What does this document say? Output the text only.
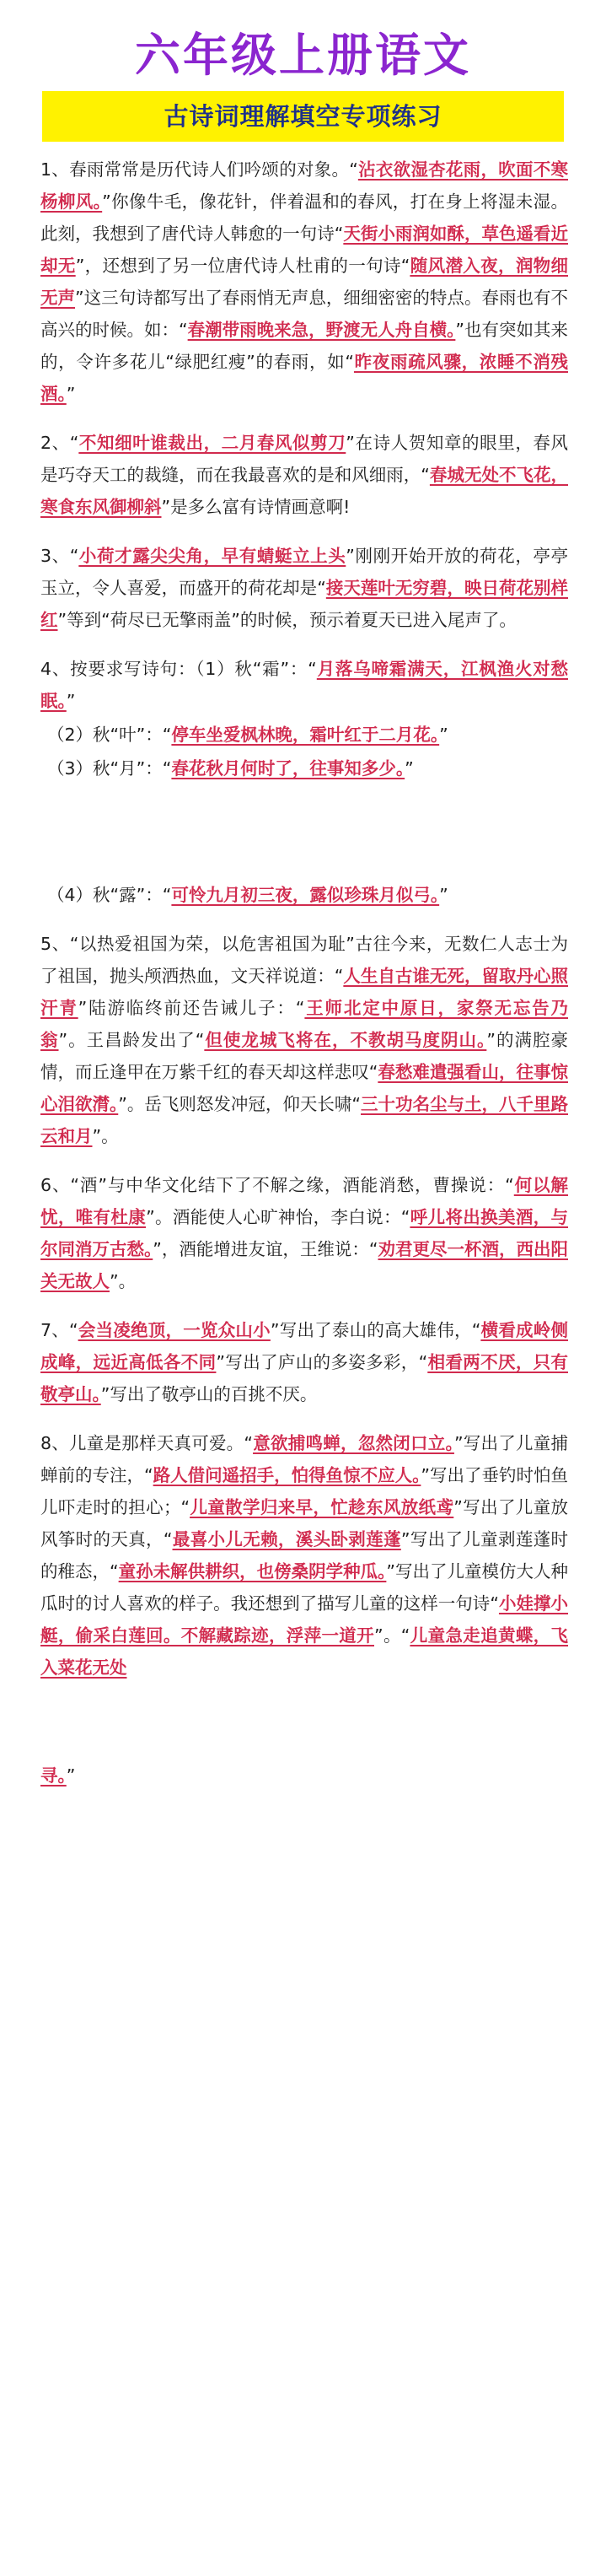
六年级上册语文
古诗词理解填空专项练习

1、春雨常常是历代诗人们吟颂的对象。“沾衣欲湿杏花雨，吹面不寒杨柳风。”你像牛毛，像花针，伴着温和的春风，打在身上将湿未湿。此刻，我想到了唐代诗人韩愈的一句诗“天街小雨润如酥，草色遥看近却无”，还想到了另一位唐代诗人杜甫的一句诗“随风潜入夜，润物细无声”这三句诗都写出了春雨悄无声息，细细密密的特点。春雨也有不高兴的时候。如：“春潮带雨晚来急，野渡无人舟自横。”也有突如其来的，令许多花儿“绿肥红瘦”的春雨，如“昨夜雨疏风骤，浓睡不消残酒。”

2、“不知细叶谁裁出，二月春风似剪刀”在诗人贺知章的眼里，春风是巧夺天工的裁缝，而在我最喜欢的是和风细雨，“春城无处不飞花，寒食东风御柳斜”是多么富有诗情画意啊!

3、“小荷才露尖尖角，早有蜻蜓立上头”刚刚开始开放的荷花，亭亭玉立，令人喜爱，而盛开的荷花却是“接天莲叶无穷碧，映日荷花别样红”等到“荷尽已无擎雨盖”的时候，预示着夏天已进入尾声了。

4、按要求写诗句：（1）秋“霜”：“月落乌啼霜满天，江枫渔火对愁眠。”

（2）秋“叶”：“停车坐爱枫林晚，霜叶红于二月花。”

（3）秋“月”：“春花秋月何时了，往事知多少。”

（4）秋“露”：“可怜九月初三夜，露似珍珠月似弓。”

5、“以热爱祖国为荣，以危害祖国为耻”古往今来，无数仁人志士为了祖国，抛头颅洒热血，文天祥说道：“人生自古谁无死，留取丹心照汗青”陆游临终前还告诫儿子：“王师北定中原日，家祭无忘告乃翁”。王昌龄发出了“但使龙城飞将在，不教胡马度阴山。”的满腔豪情，而丘逢甲在万紫千红的春天却这样悲叹“春愁难遣强看山，往事惊心泪欲潸。”。岳飞则怒发冲冠，仰天长啸“三十功名尘与土，八千里路云和月”。

6、“酒”与中华文化结下了不解之缘，酒能消愁，曹操说：“何以解忧，唯有杜康”。酒能使人心旷神怡，李白说：“呼儿将出换美酒，与尔同消万古愁。”，酒能增进友谊，王维说：“劝君更尽一杯酒，西出阳关无故人”。

7、“会当凌绝顶，一览众山小”写出了泰山的高大雄伟，“横看成岭侧成峰，远近高低各不同”写出了庐山的多姿多彩，“相看两不厌，只有敬亭山。”写出了敬亭山的百挑不厌。

8、儿童是那样天真可爱。“意欲捕鸣蝉，忽然闭口立。”写出了儿童捕蝉前的专注，“路人借问遥招手，怕得鱼惊不应人。”写出了垂钓时怕鱼儿吓走时的担心；“儿童散学归来早，忙趁东风放纸鸢”写出了儿童放风筝时的天真，“最喜小儿无赖，溪头卧剥莲蓬”写出了儿童剥莲蓬时的稚态，“童孙未解供耕织，也傍桑阴学种瓜。”写出了儿童模仿大人种瓜时的讨人喜欢的样子。我还想到了描写儿童的这样一句诗“小娃撑小艇，偷采白莲回。不解藏踪迹，浮萍一道开”。“儿童急走追黄蝶，飞入菜花无处

寻。”
